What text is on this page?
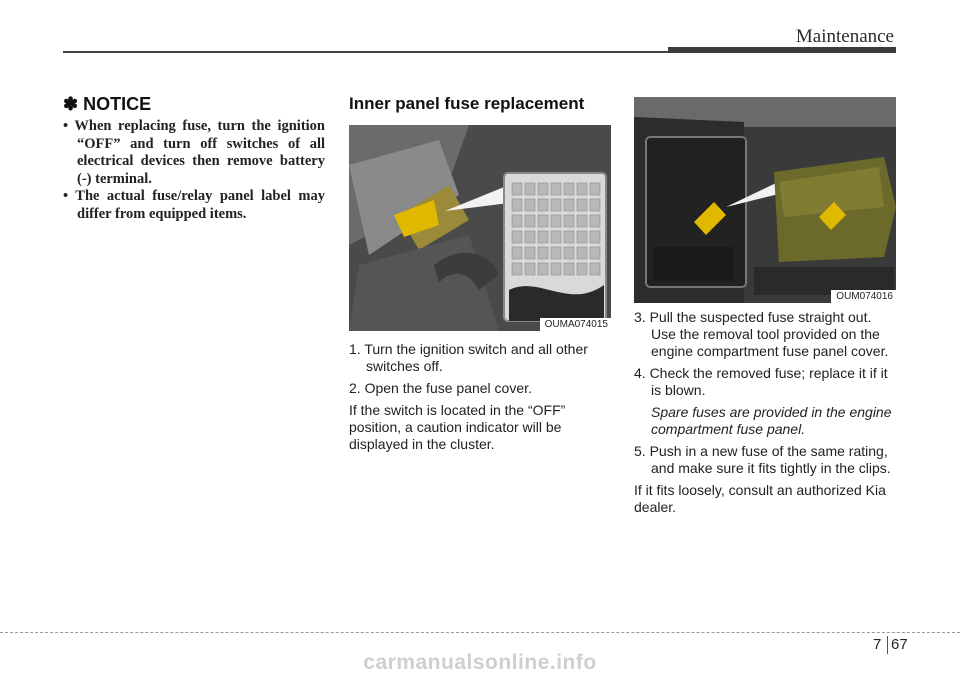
Maintenance
✽ NOTICE
• When replacing fuse, turn the ignition “OFF” and turn off switches of all electrical devices then remove battery (-) terminal.
• The actual fuse/relay panel label may differ from equipped items.
Inner panel fuse replacement
OUMA074015
OUM074016

1. Turn the ignition switch and all other switches off.

2. Open the fuse panel cover.

If the switch is located in the “OFF” position, a caution indicator will be displayed in the cluster.

3. Pull the suspected fuse straight out. Use the removal tool provided on the engine compartment fuse panel cover.

4. Check the removed fuse; replace it if it is blown.

Spare fuses are provided in the engine compartment fuse panel.

5. Push in a new fuse of the same rating, and make sure it fits tightly in the clips.

If it fits loosely, consult an authorized Kia dealer.

7 67
carmanualsonline.info
